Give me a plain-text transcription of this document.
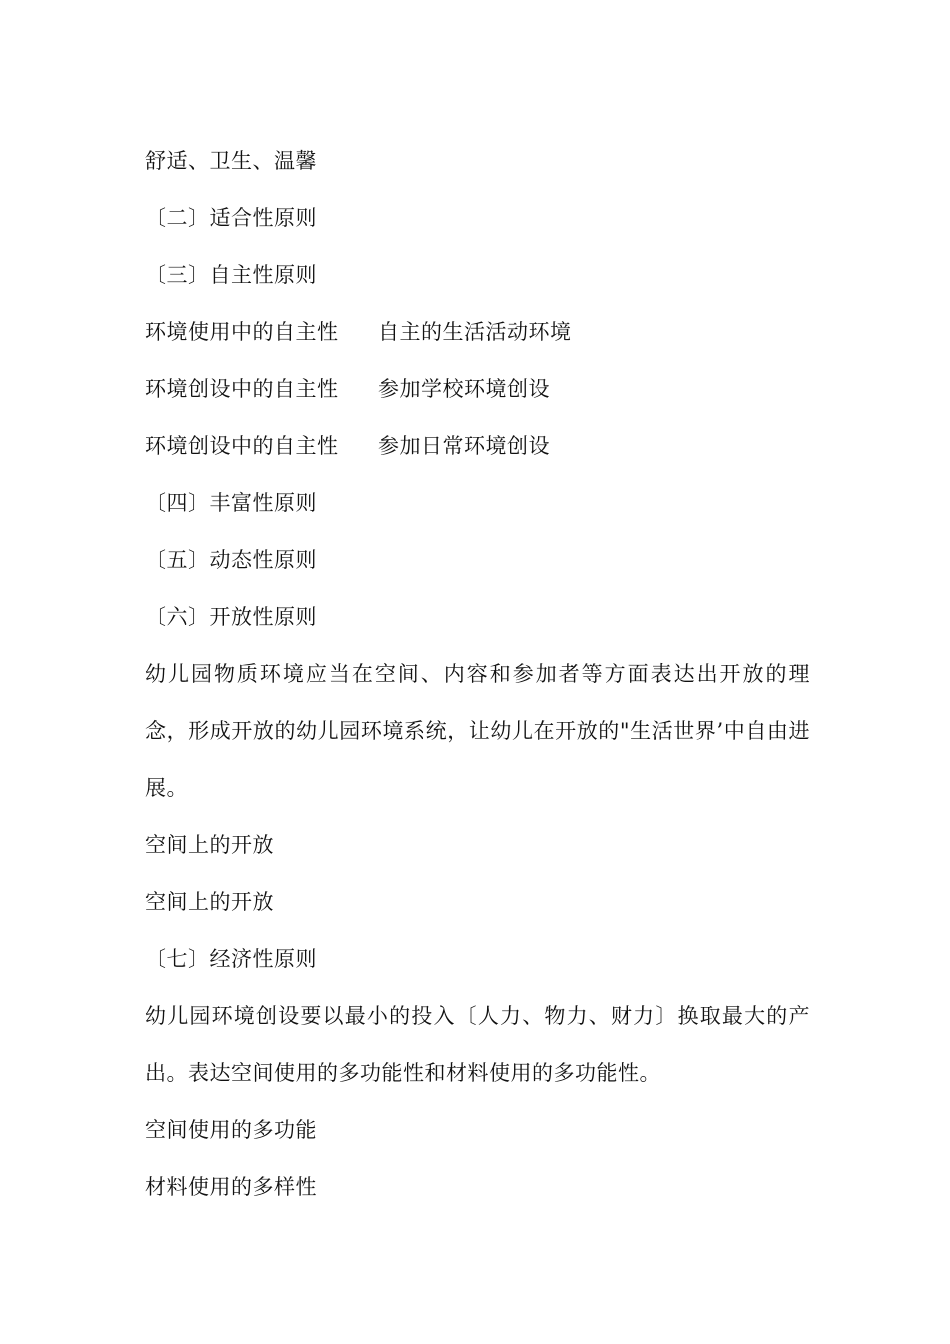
舒适、卫生、温馨
〔二〕适合性原则
〔三〕自主性原则
环境使用中的自主性 自主的生活活动环境
环境创设中的自主性 参加学校环境创设
环境创设中的自主性 参加日常环境创设
〔四〕丰富性原则
〔五〕动态性原则
〔六〕开放性原则
幼儿园物质环境应当在空间、内容和参加者等方面表达出开放的理念，形成开放的幼儿园环境系统，让幼儿在开放的"生活世界’中自由进展。
空间上的开放
空间上的开放
〔七〕经济性原则
幼儿园环境创设要以最小的投入〔人力、物力、财力〕换取最大的产出。表达空间使用的多功能性和材料使用的多功能性。
空间使用的多功能
材料使用的多样性
